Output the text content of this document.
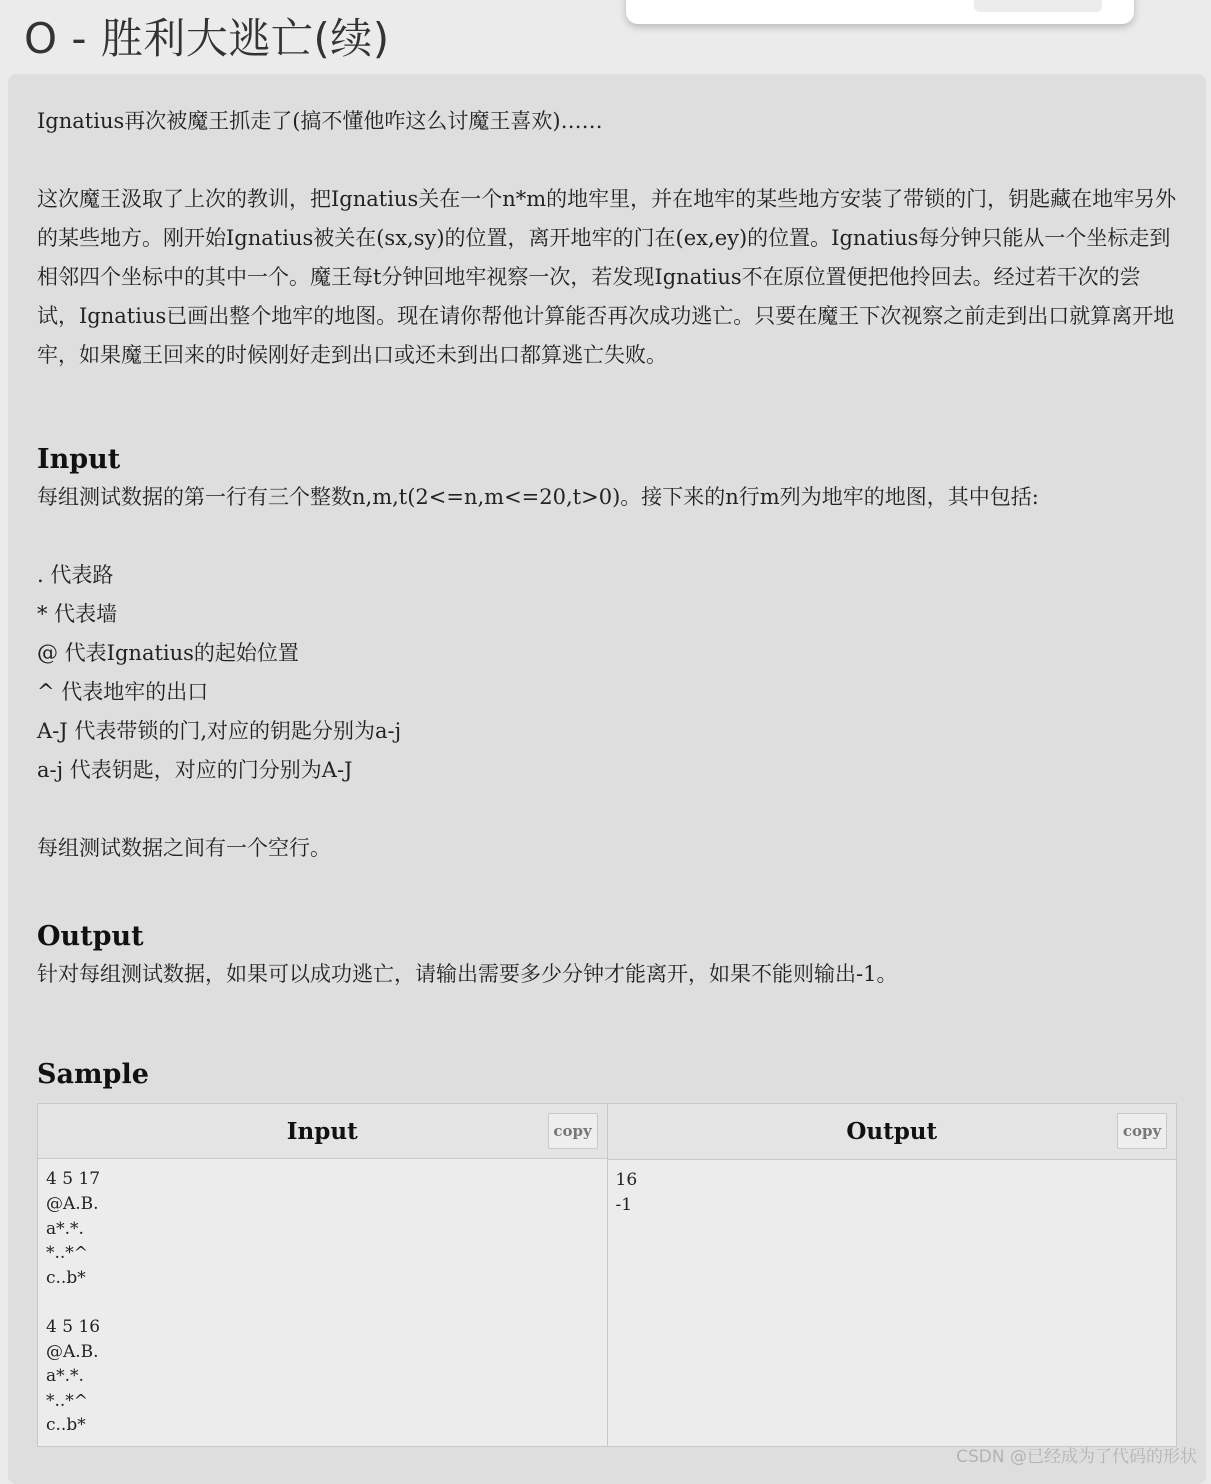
O - 胜利大逃亡(续)

Ignatius再次被魔王抓走了(搞不懂他咋这么讨魔王喜欢)……

这次魔王汲取了上次的教训，把Ignatius关在一个n*m的地牢里，并在地牢的某些地方安装了带锁的门，钥匙藏在地牢另外的某些地方。刚开始Ignatius被关在(sx,sy)的位置，离开地牢的门在(ex,ey)的位置。Ignatius每分钟只能从一个坐标走到相邻四个坐标中的其中一个。魔王每t分钟回地牢视察一次，若发现Ignatius不在原位置便把他拎回去。经过若干次的尝试，Ignatius已画出整个地牢的地图。现在请你帮他计算能否再次成功逃亡。只要在魔王下次视察之前走到出口就算离开地牢，如果魔王回来的时候刚好走到出口或还未到出口都算逃亡失败。

Input

每组测试数据的第一行有三个整数n,m,t(2<=n,m<=20,t>0)。接下来的n行m列为地牢的地图，其中包括:

. 代表路

* 代表墙

@ 代表Ignatius的起始位置

^ 代表地牢的出口

A-J 代表带锁的门,对应的钥匙分别为a-j

a-j 代表钥匙，对应的门分别为A-J

每组测试数据之间有一个空行。

Output

针对每组测试数据，如果可以成功逃亡，请输出需要多少分钟才能离开，如果不能则输出-1。

Sample
Input	copy
4 5 17
@A.B.
a*.*.
*..*^
c..b*

4 5 16
@A.B.
a*.*.
*..*^
c..b*
Output	copy
16
-1
CSDN @已经成为了代码的形状
